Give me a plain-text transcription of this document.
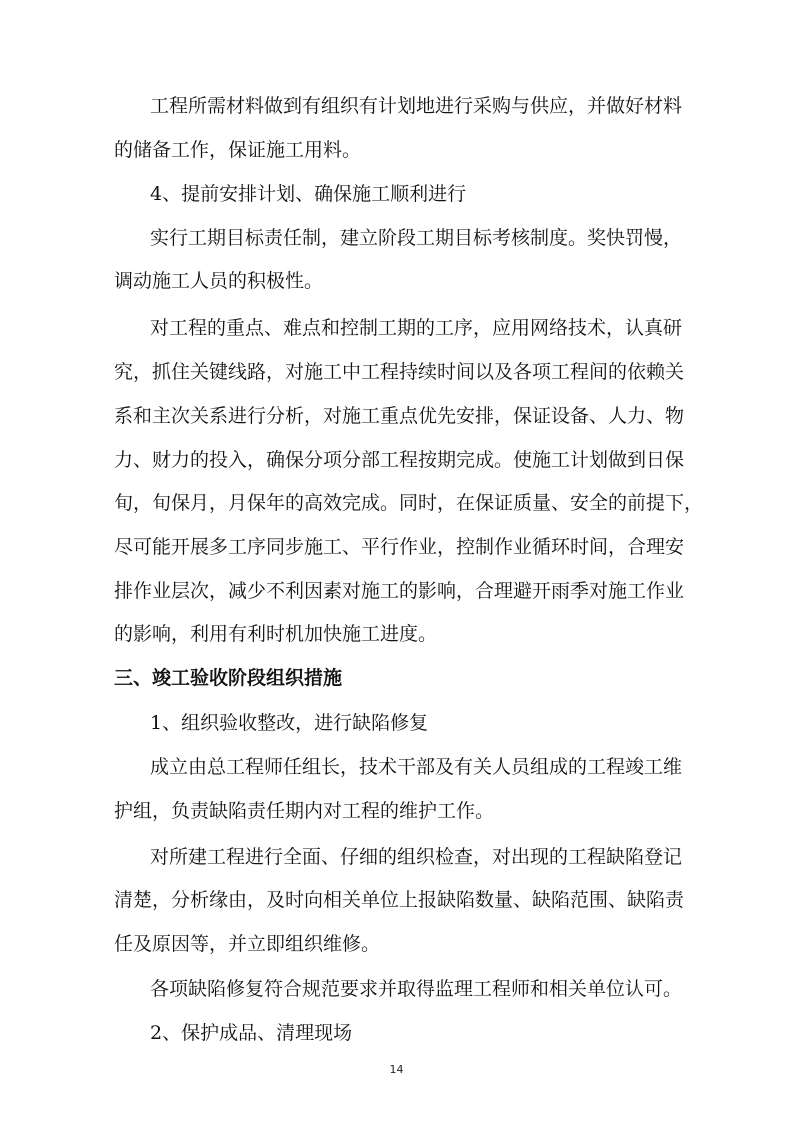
工程所需材料做到有组织有计划地进行采购与供应，并做好材料
的储备工作，保证施工用料。
4、提前安排计划、确保施工顺利进行
实行工期目标责任制，建立阶段工期目标考核制度。奖快罚慢，
调动施工人员的积极性。
对工程的重点、难点和控制工期的工序，应用网络技术，认真研
究，抓住关键线路，对施工中工程持续时间以及各项工程间的依赖关
系和主次关系进行分析，对施工重点优先安排，保证设备、人力、物
力、财力的投入，确保分项分部工程按期完成。使施工计划做到日保
旬，旬保月，月保年的高效完成。同时，在保证质量、安全的前提下，
尽可能开展多工序同步施工、平行作业，控制作业循环时间，合理安
排作业层次，减少不利因素对施工的影响，合理避开雨季对施工作业
的影响，利用有利时机加快施工进度。
三、竣工验收阶段组织措施
1、组织验收整改，进行缺陷修复
成立由总工程师任组长，技术干部及有关人员组成的工程竣工维
护组，负责缺陷责任期内对工程的维护工作。
对所建工程进行全面、仔细的组织检查，对出现的工程缺陷登记
清楚，分析缘由，及时向相关单位上报缺陷数量、缺陷范围、缺陷责
任及原因等，并立即组织维修。
各项缺陷修复符合规范要求并取得监理工程师和相关单位认可。
2、保护成品、清理现场
14
